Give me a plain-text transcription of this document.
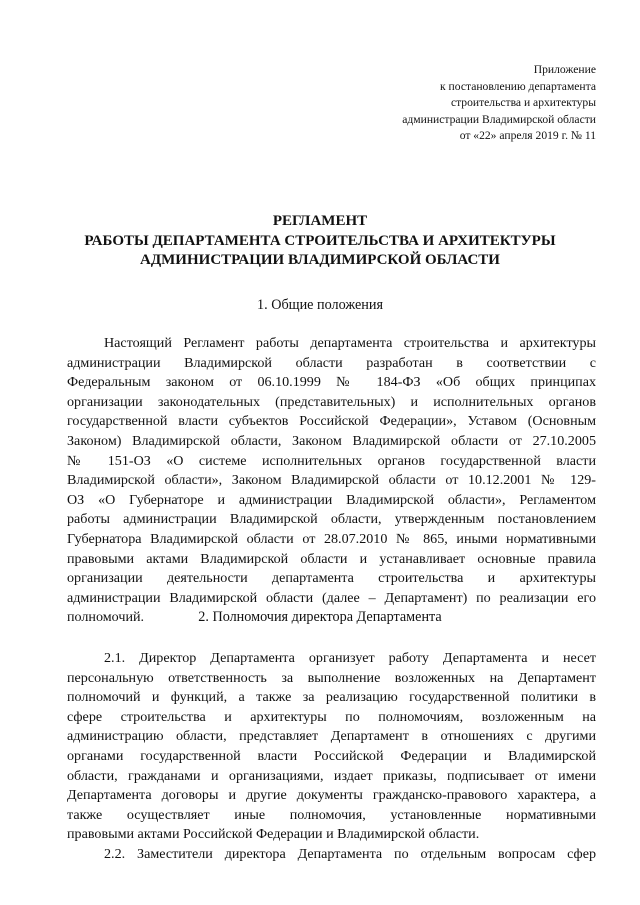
Приложение
к постановлению департамента
строительства и архитектуры
администрации Владимирской области
от «22» апреля 2019 г. № 11
РЕГЛАМЕНТ
РАБОТЫ ДЕПАРТАМЕНТА СТРОИТЕЛЬСТВА И АРХИТЕКТУРЫ
АДМИНИСТРАЦИИ ВЛАДИМИРСКОЙ ОБЛАСТИ
1. Общие положения
Настоящий Регламент работы департамента строительства и архитектуры
администрации Владимирской области разработан в соответствии с
Федеральным законом от 06.10.1999 № 184-ФЗ «Об общих принципах
организации законодательных (представительных) и исполнительных органов
государственной власти субъектов Российской Федерации», Уставом (Основным
Законом) Владимирской области, Законом Владимирской области от 27.10.2005
№ 151-ОЗ «О системе исполнительных органов государственной власти
Владимирской области», Законом Владимирской области от 10.12.2001 № 129-
ОЗ «О Губернаторе и администрации Владимирской области», Регламентом
работы администрации Владимирской области, утвержденным постановлением
Губернатора Владимирской области от 28.07.2010 № 865, иными нормативными
правовыми актами Владимирской области и устанавливает основные правила
организации деятельности департамента строительства и архитектуры
администрации Владимирской области (далее – Департамент) по реализации его
полномочий.	2. Полномочия директора Департамента
2.1. Директор Департамента организует работу Департамента и несет
персональную ответственность за выполнение возложенных на Департамент
полномочий и функций, а также за реализацию государственной политики в
сфере строительства и архитектуры по полномочиям, возложенным на
администрацию области, представляет Департамент в отношениях с другими
органами государственной власти Российской Федерации и Владимирской
области, гражданами и организациями, издает приказы, подписывает от имени
Департамента договоры и другие документы гражданско-правового характера, а
также осуществляет иные полномочия, установленные нормативными
правовыми актами Российской Федерации и Владимирской области.
2.2. Заместители директора Департамента по отдельным вопросам сфер
